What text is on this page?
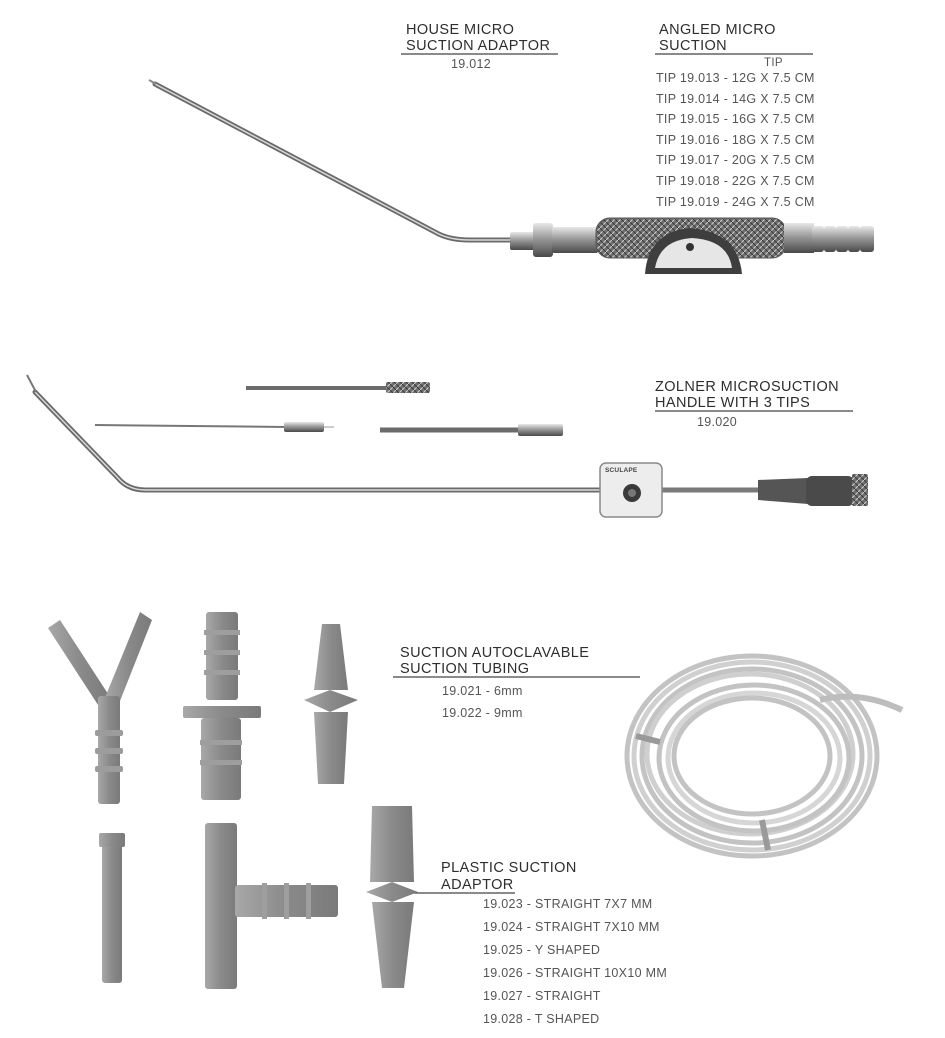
HOUSE MICRO
SUCTION ADAPTOR
19.012
ANGLED MICRO
SUCTION
TIP
TIP 19.013 - 12G X 7.5 CM
TIP 19.014 - 14G X 7.5 CM
TIP 19.015 - 16G X 7.5 CM
TIP 19.016 - 18G X 7.5 CM
TIP 19.017 - 20G X 7.5 CM
TIP 19.018 - 22G X 7.5 CM
TIP 19.019 - 24G X 7.5 CM
ZOLNER MICROSUCTION
HANDLE WITH 3 TIPS
19.020
SCULAPE
SUCTION AUTOCLAVABLE
SUCTION TUBING
19.021 - 6mm
19.022 - 9mm
PLASTIC SUCTION
ADAPTOR
19.023 - STRAIGHT 7X7 MM
19.024 - STRAIGHT 7X10 MM
19.025 - Y SHAPED
19.026 - STRAIGHT 10X10 MM
19.027 - STRAIGHT
19.028 - T SHAPED
